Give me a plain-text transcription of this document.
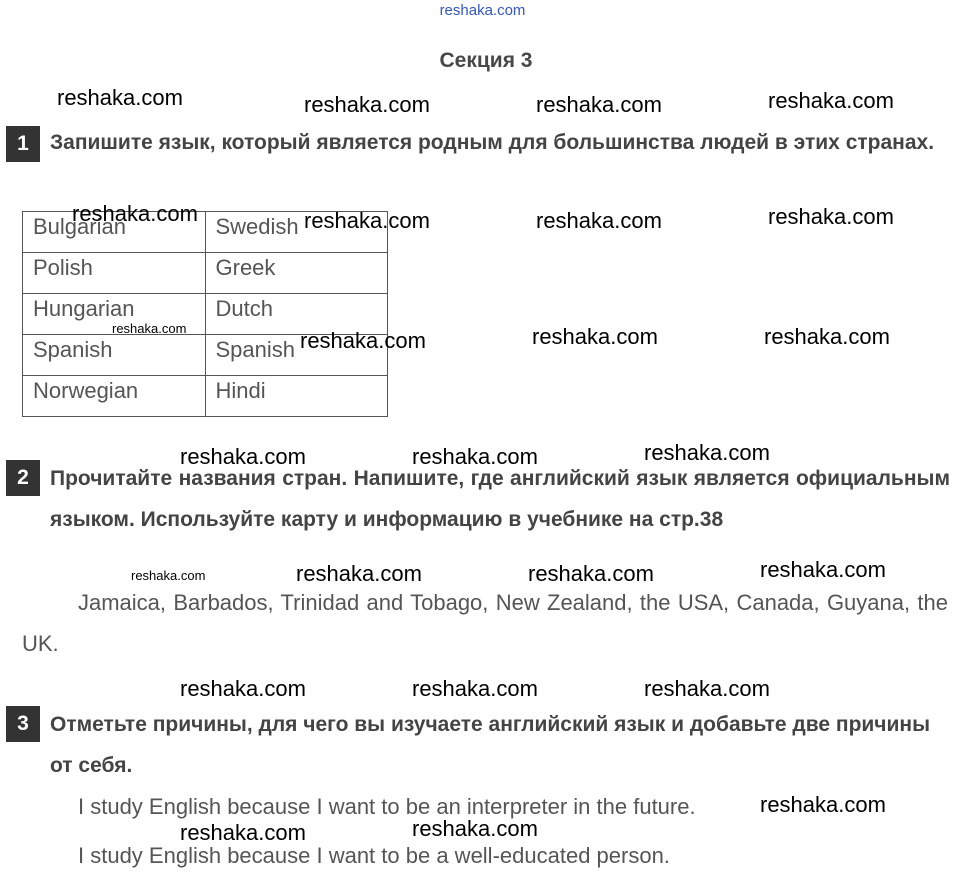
reshaka.com
Секция 3
1	Запишите язык, который является родным для большинства людей в этих странах.
Bulgarian	Swedish
Polish	Greek
Hungarian	Dutch
Spanish	Spanish
Norwegian	Hindi
2	Прочитайте названия стран. Напишите, где английский язык является официальным языком. Используйте карту и информацию в учебнике на стр.38
Jamaica, Barbados, Trinidad and Tobago, New Zealand, the USA, Canada, Guyana, the UK.
3	Отметьте причины, для чего вы изучаете английский язык и добавьте две причины от себя.
I study English because I want to be an interpreter in the future.
I study English because I want to be a well-educated person.
reshaka.com	reshaka.com	reshaka.com	reshaka.com
reshaka.com	reshaka.com	reshaka.com	reshaka.com
reshaka.com	reshaka.com	reshaka.com	reshaka.com
reshaka.com	reshaka.com	reshaka.com
reshaka.com	reshaka.com	reshaka.com	reshaka.com
reshaka.com	reshaka.com	reshaka.com
reshaka.com
reshaka.com	reshaka.com
